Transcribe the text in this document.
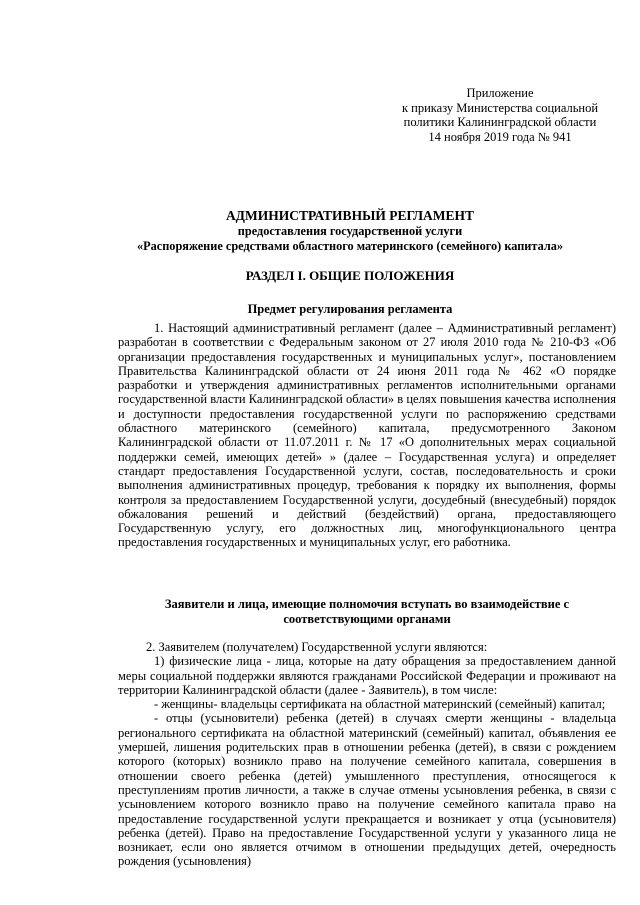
Приложение
к приказу Министерства социальной
политики Калининградской области
14 ноября 2019 года № 941
АДМИНИСТРАТИВНЫЙ РЕГЛАМЕНТ
предоставления государственной услуги
«Распоряжение средствами областного материнского (семейного) капитала»
РАЗДЕЛ I. ОБЩИЕ ПОЛОЖЕНИЯ
Предмет регулирования регламента

1. Настоящий административный регламент (далее – Административный регламент) разработан в соответствии с Федеральным законом от 27 июля 2010 года № 210-ФЗ «Об организации предоставления государственных и муниципальных услуг», постановлением Правительства Калининградской области от 24 июня 2011 года № 462 «О порядке разработки и утверждения административных регламентов исполнительными органами государственной власти Калининградской области» в целях повышения качества исполнения и доступности предоставления государственной услуги по распоряжению средствами областного материнского (семейного) капитала, предусмотренного Законом Калининградской области от 11.07.2011 г. № 17 «О дополнительных мерах социальной поддержки семей, имеющих детей» » (далее – Государственная услуга) и определяет стандарт предоставления Государственной услуги, состав, последовательность и сроки выполнения административных процедур, требования к порядку их выполнения, формы контроля за предоставлением Государственной услуги, досудебный (внесудебный) порядок обжалования решений и действий (бездействий) органа, предоставляющего Государственную услугу, его должностных лиц, многофункционального центра предоставления государственных и муниципальных услуг, его работника.

Заявители и лица, имеющие полномочия вступать во взаимодействие с
соответствующими органами

2. Заявителем (получателем) Государственной услуги являются:

1) физические лица - лица, которые на дату обращения за предоставлением данной меры социальной поддержки являются гражданами Российской Федерации и проживают на территории Калининградской области (далее - Заявитель), в том числе:

- женщины- владельцы сертификата на областной материнский (семейный) капитал;

- отцы (усыновители) ребенка (детей) в случаях смерти женщины - владельца регионального сертификата на областной материнский (семейный) капитал, объявления ее умершей, лишения родительских прав в отношении ребенка (детей), в связи с рождением которого (которых) возникло право на получение семейного капитала, совершения в отношении своего ребенка (детей) умышленного преступления, относящегося к преступлениям против личности, а также в случае отмены усыновления ребенка, в связи с усыновлением которого возникло право на получение семейного капитала право на предоставление государственной услуги прекращается и возникает у отца (усыновителя) ребенка (детей). Право на предоставление Государственной услуги у указанного лица не возникает, если оно является отчимом в отношении предыдущих детей, очередность рождения (усыновления)
